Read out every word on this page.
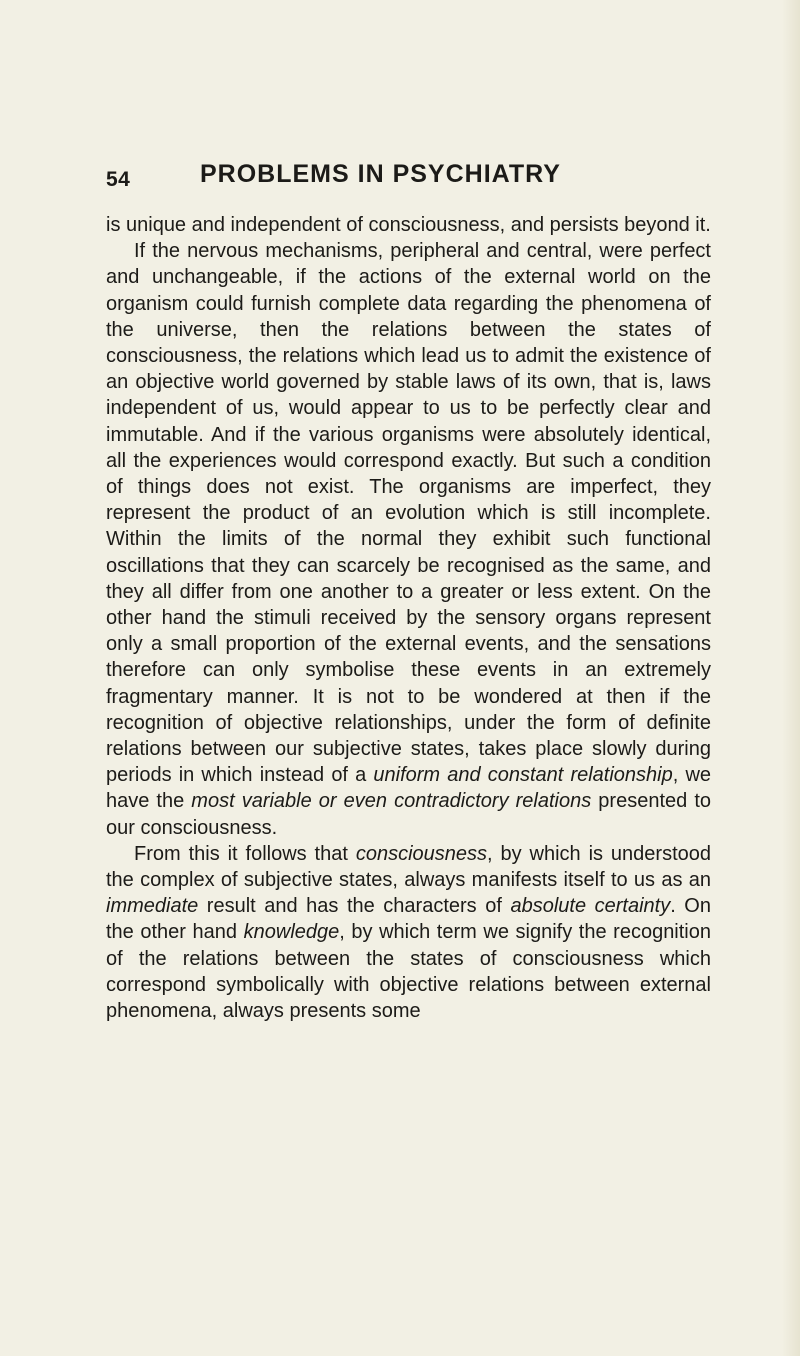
54	PROBLEMS IN PSYCHIATRY

is unique and independent of consciousness, and persists beyond it.

If the nervous mechanisms, peripheral and central, were perfect and unchangeable, if the actions of the external world on the organism could furnish complete data regarding the phenomena of the universe, then the relations between the states of consciousness, the relations which lead us to admit the existence of an objective world governed by stable laws of its own, that is, laws independent of us, would appear to us to be perfectly clear and immutable. And if the various organisms were absolutely identical, all the experiences would correspond exactly. But such a condition of things does not exist. The organisms are imperfect, they represent the product of an evolution which is still incomplete. Within the limits of the normal they exhibit such functional oscillations that they can scarcely be recognised as the same, and they all differ from one another to a greater or less extent. On the other hand the stimuli received by the sensory organs represent only a small proportion of the external events, and the sensations therefore can only symbolise these events in an extremely fragmentary manner. It is not to be wondered at then if the recognition of objective relationships, under the form of definite relations between our subjective states, takes place slowly during periods in which instead of a uniform and constant relationship, we have the most variable or even contradictory relations presented to our consciousness.

From this it follows that consciousness, by which is understood the complex of subjective states, always manifests itself to us as an immediate result and has the characters of absolute certainty. On the other hand knowledge, by which term we signify the recognition of the relations between the states of consciousness which correspond symbolically with objective relations between external phenomena, always presents some
